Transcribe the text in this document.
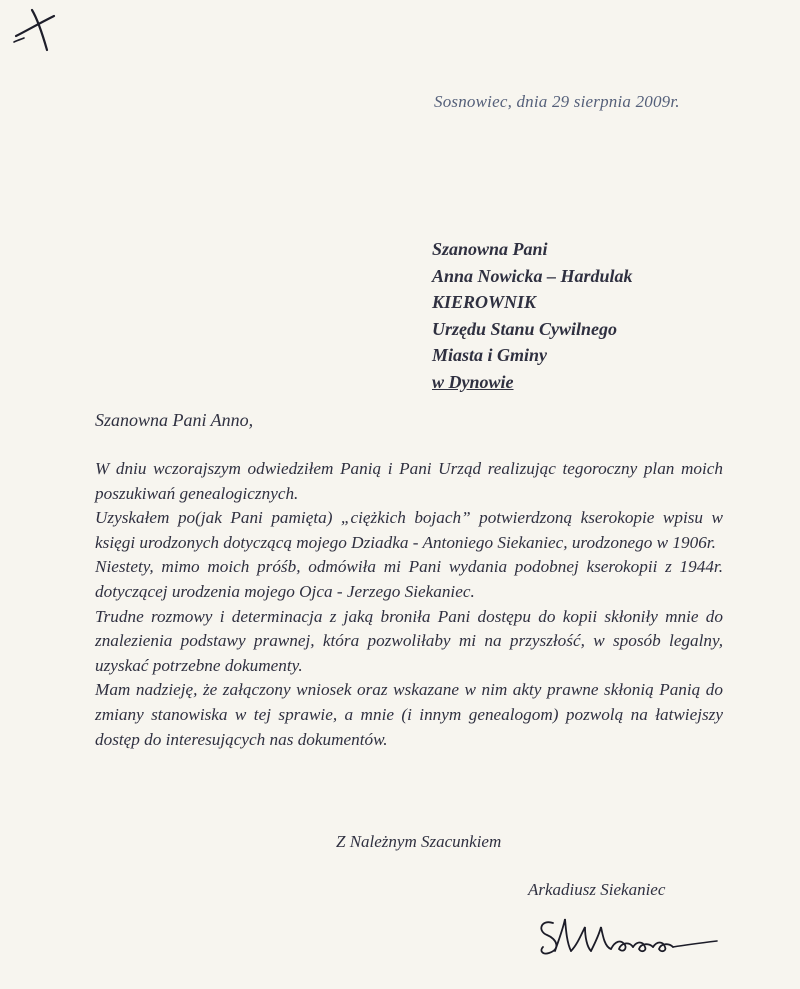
Sosnowiec, dnia 29 sierpnia 2009r.
Szanowna Pani
Anna Nowicka – Hardulak
KIEROWNIK
Urzędu Stanu Cywilnego
Miasta i Gminy
w Dynowie
Szanowna Pani Anno,

W dniu wczorajszym odwiedziłem Panią i Pani Urząd realizując tegoroczny plan moich poszukiwań genealogicznych.

Uzyskałem po(jak Pani pamięta) „ciężkich bojach” potwierdzoną kserokopie wpisu w księgi urodzonych dotyczącą mojego Dziadka - Antoniego Siekaniec, urodzonego w 1906r.

Niestety, mimo moich próśb, odmówiła mi Pani wydania podobnej kserokopii z 1944r. dotyczącej urodzenia mojego Ojca - Jerzego Siekaniec.

Trudne rozmowy i determinacja z jaką broniła Pani dostępu do kopii skłoniły mnie do znalezienia podstawy prawnej, która pozwoliłaby mi na przyszłość, w sposób legalny, uzyskać potrzebne dokumenty.

Mam nadzieję, że załączony wniosek oraz wskazane w nim akty prawne skłonią Panią do zmiany stanowiska w tej sprawie, a mnie (i innym genealogom) pozwolą na łatwiejszy dostęp do interesujących nas dokumentów.

Z Należnym Szacunkiem
Arkadiusz Siekaniec
